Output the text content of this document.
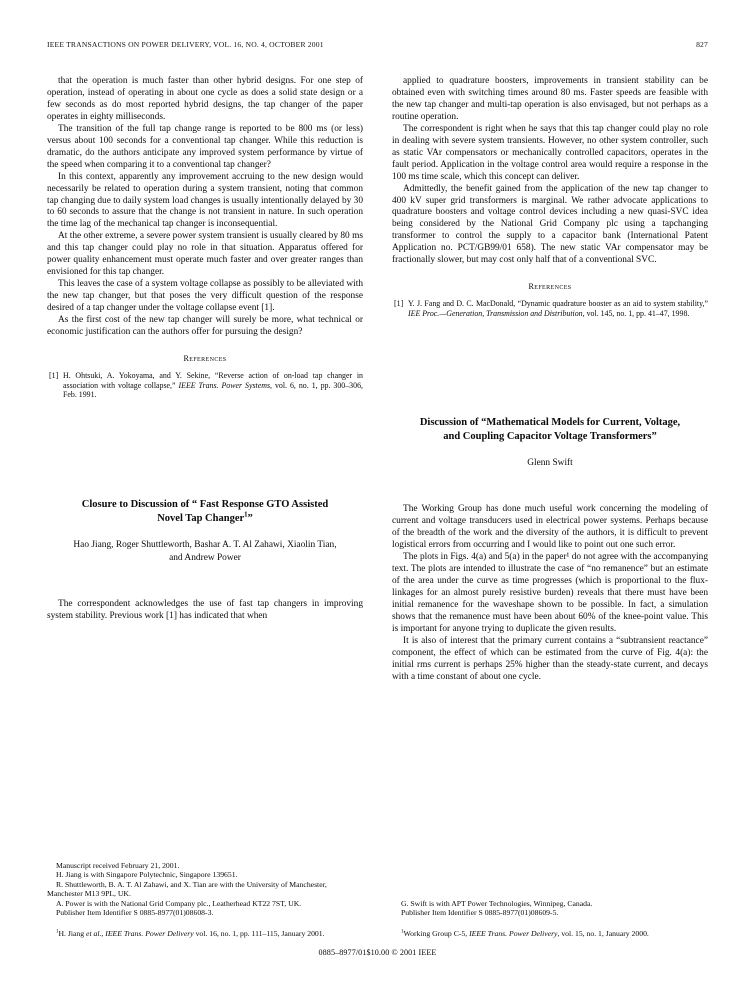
IEEE TRANSACTIONS ON POWER DELIVERY, VOL. 16, NO. 4, OCTOBER 2001	827

that the operation is much faster than other hybrid designs. For one step of operation, instead of operating in about one cycle as does a solid state design or a few seconds as do most reported hybrid designs, the tap changer of the paper operates in eighty milliseconds.

The transition of the full tap change range is reported to be 800 ms (or less) versus about 100 seconds for a conventional tap changer. While this reduction is dramatic, do the authors anticipate any improved system performance by virtue of the speed when comparing it to a conventional tap changer?

In this context, apparently any improvement accruing to the new design would necessarily be related to operation during a system transient, noting that common tap changing due to daily system load changes is usually intentionally delayed by 30 to 60 seconds to assure that the change is not transient in nature. In such operation the time lag of the mechanical tap changer is inconsequential.

At the other extreme, a severe power system transient is usually cleared by 80 ms and this tap changer could play no role in that situation. Apparatus offered for power quality enhancement must operate much faster and over greater ranges than envisioned for this tap changer.

This leaves the case of a system voltage collapse as possibly to be alleviated with the new tap changer, but that poses the very difficult question of the response desired of a tap changer under the voltage collapse event [1].

As the first cost of the new tap changer will surely be more, what technical or economic justification can the authors offer for pursuing the design?

References
[1] H. Ohtsuki, A. Yokoyama, and Y. Sekine, “Reverse action of on-load tap changer in association with voltage collapse,” IEEE Trans. Power Systems, vol. 6, no. 1, pp. 300–306, Feb. 1991.
Closure to Discussion of “ Fast Response GTO Assisted
Novel Tap Changer$^1$”
Hao Jiang, Roger Shuttleworth, Bashar A. T. Al Zahawi, Xiaolin Tian,
and Andrew Power

The correspondent acknowledges the use of fast tap changers in improving system stability. Previous work [1] has indicated that when

Manuscript received February 21, 2001.

H. Jiang is with Singapore Polytechnic, Singapore 139651.

R. Shuttleworth, B. A. T. Al Zahawi, and X. Tian are with the University of Manchester, Manchester M13 9PL, UK.

A. Power is with the National Grid Company plc., Leatherhead KT22 7ST, UK.

Publisher Item Identifier S 0885-8977(01)08608-3.

$^1$H. Jiang et al., IEEE Trans. Power Delivery vol. 16, no. 1, pp. 111–115, January 2001.

applied to quadrature boosters, improvements in transient stability can be obtained even with switching times around 80 ms. Faster speeds are feasible with the new tap changer and multi-tap operation is also envisaged, but not perhaps as a routine operation.

The correspondent is right when he says that this tap changer could play no role in dealing with severe system transients. However, no other system controller, such as static VAr compensators or mechanically controlled capacitors, operates in the fault period. Application in the voltage control area would require a response in the 100 ms time scale, which this concept can deliver.

Admittedly, the benefit gained from the application of the new tap changer to 400 kV super grid transformers is marginal. We rather advocate applications to quadrature boosters and voltage control devices including a new quasi-SVC idea being considered by the National Grid Company plc using a tapchanging transformer to control the supply to a capacitor bank (International Patent Application no. PCT/GB99/01 658). The new static VAr compensator may be fractionally slower, but may cost only half that of a conventional SVC.

References
[1] Y. J. Fang and D. C. MacDonald, “Dynamic quadrature booster as an aid to system stability,” IEE Proc.—Generation, Transmission and Distribution, vol. 145, no. 1, pp. 41–47, 1998.
Discussion of “Mathematical Models for Current, Voltage,
and Coupling Capacitor Voltage Transformers”
Glenn Swift

The Working Group has done much useful work concerning the modeling of current and voltage transducers used in electrical power systems. Perhaps because of the breadth of the work and the diversity of the authors, it is difficult to prevent logistical errors from occurring and I would like to point out one such error.

The plots in Figs. 4(a) and 5(a) in the paper¹ do not agree with the accompanying text. The plots are intended to illustrate the case of “no remanence” but an estimate of the area under the curve as time progresses (which is proportional to the flux-linkages for an almost purely resistive burden) reveals that there must have been initial remanence for the waveshape shown to be possible. In fact, a simulation shows that the remanence must have been about 60% of the knee-point value. This is important for anyone trying to duplicate the given results.

It is also of interest that the primary current contains a “subtransient reactance” component, the effect of which can be estimated from the curve of Fig. 4(a): the initial rms current is perhaps 25% higher than the steady-state current, and decays with a time constant of about one cycle.

G. Swift is with APT Power Technologies, Winnipeg, Canada.

Publisher Item Identifier S 0885-8977(01)08609-5.

$^1$Working Group C-5, IEEE Trans. Power Delivery, vol. 15, no. 1, January 2000.

0885–8977/01$10.00 © 2001 IEEE
